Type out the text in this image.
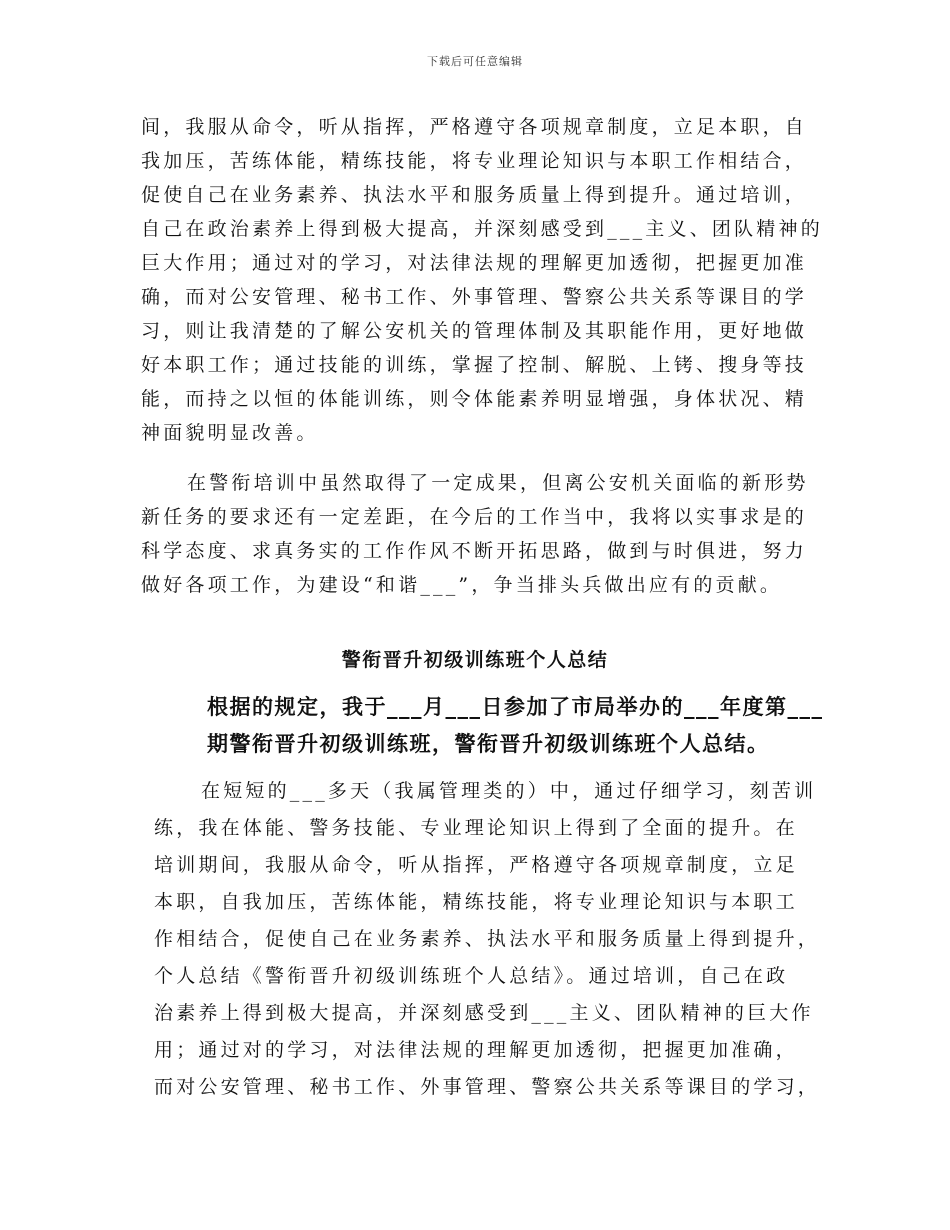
下载后可任意编辑
间，我服从命令，听从指挥，严格遵守各项规章制度，立足本职，自
我加压，苦练体能，精练技能，将专业理论知识与本职工作相结合，
促使自己在业务素养、执法水平和服务质量上得到提升。通过培训，
自己在政治素养上得到极大提高，并深刻感受到___主义、团队精神的
巨大作用；通过对的学习，对法律法规的理解更加透彻，把握更加准
确，而对公安管理、秘书工作、外事管理、警察公共关系等课目的学
习，则让我清楚的了解公安机关的管理体制及其职能作用，更好地做
好本职工作；通过技能的训练，掌握了控制、解脱、上铐、搜身等技
能，而持之以恒的体能训练，则令体能素养明显增强，身体状况、精
神面貌明显改善。
在警衔培训中虽然取得了一定成果，但离公安机关面临的新形势
新任务的要求还有一定差距，在今后的工作当中，我将以实事求是的
科学态度、求真务实的工作作风不断开拓思路，做到与时俱进，努力
做好各项工作，为建设“和谐___”，争当排头兵做出应有的贡献。
警衔晋升初级训练班个人总结
根据的规定，我于___月___日参加了市局举办的___年度第___
期警衔晋升初级训练班，警衔晋升初级训练班个人总结。
在短短的___多天（我属管理类的）中，通过仔细学习，刻苦训
练，我在体能、警务技能、专业理论知识上得到了全面的提升。在
培训期间，我服从命令，听从指挥，严格遵守各项规章制度，立足
本职，自我加压，苦练体能，精练技能，将专业理论知识与本职工
作相结合，促使自己在业务素养、执法水平和服务质量上得到提升，
个人总结《警衔晋升初级训练班个人总结》。通过培训，自己在政
治素养上得到极大提高，并深刻感受到___主义、团队精神的巨大作
用；通过对的学习，对法律法规的理解更加透彻，把握更加准确，
而对公安管理、秘书工作、外事管理、警察公共关系等课目的学习，
